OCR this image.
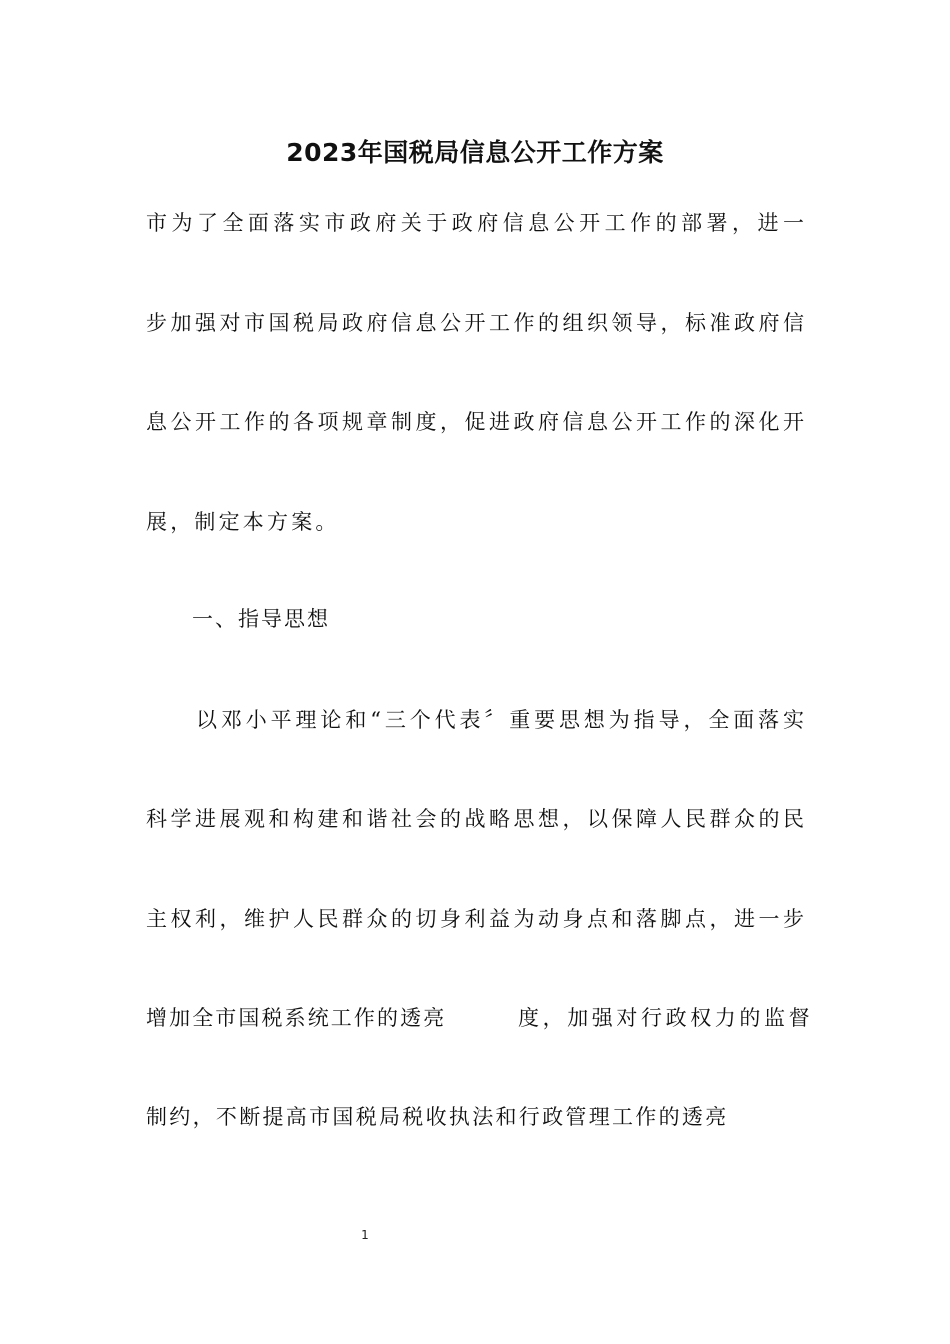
2023年国税局信息公开工作方案
市为了全面落实市政府关于政府信息公开工作的部署，进一
步加强对市国税局政府信息公开工作的组织领导，标准政府信
息公开工作的各项规章制度，促进政府信息公开工作的深化开
展，制定本方案。
一、指导思想
以邓小平理论和“三个代表〞重要思想为指导，全面落实
科学进展观和构建和谐社会的战略思想，以保障人民群众的民
主权利，维护人民群众的切身利益为动身点和落脚点，进一步
增加全市国税系统工作的透亮	度，加强对行政权力的监督
制约，不断提高市国税局税收执法和行政管理工作的透亮
1
